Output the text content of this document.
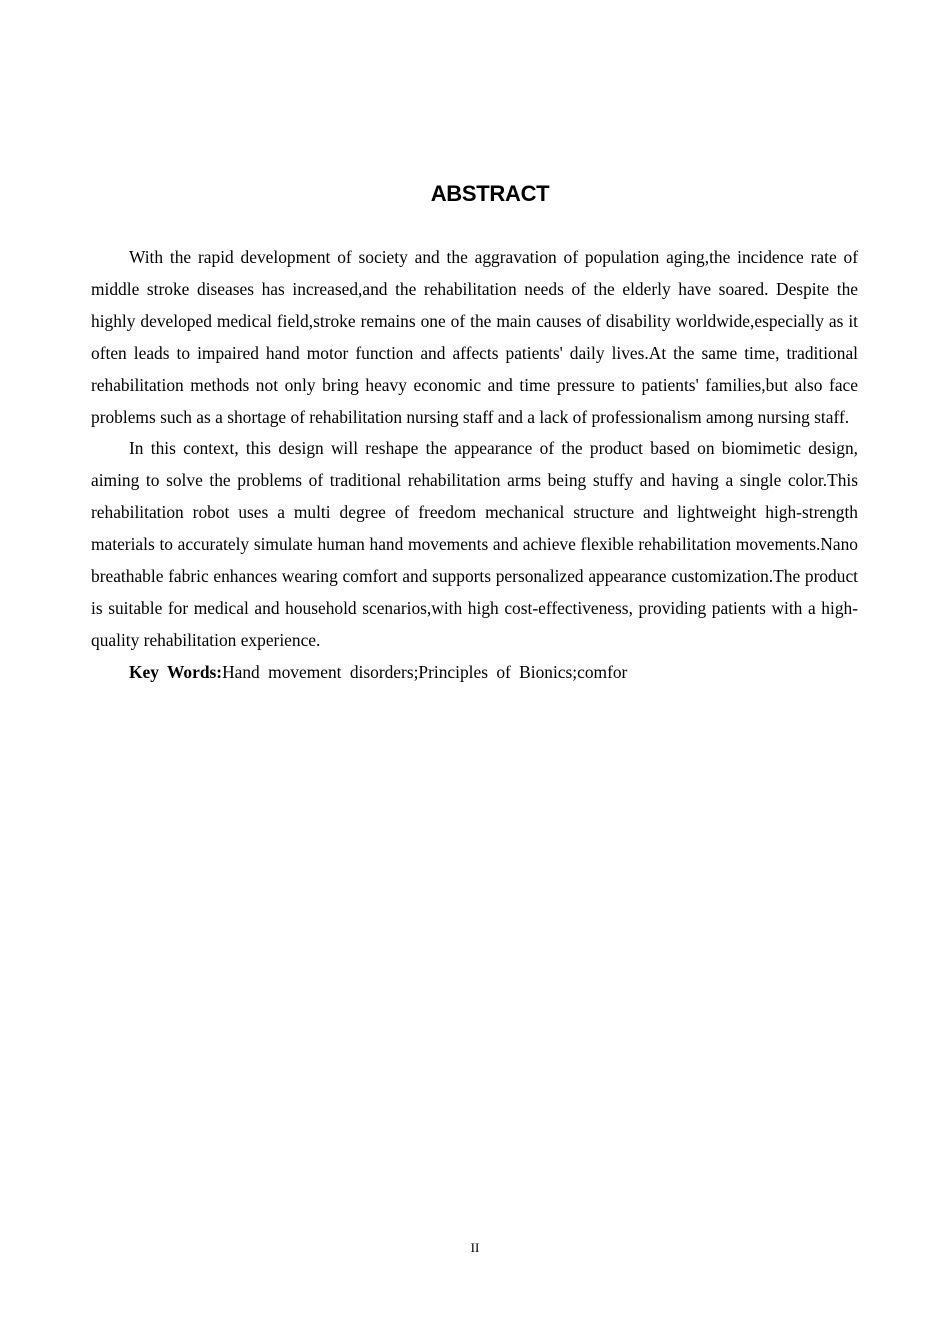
ABSTRACT

With the rapid development of society and the aggravation of population aging,the incidence rate of middle stroke diseases has increased,and the rehabilitation needs of the elderly have soared. Despite the highly developed medical field,stroke remains one of the main causes of disability worldwide,especially as it often leads to impaired hand motor function and affects patients' daily lives.At the same time, traditional rehabilitation methods not only bring heavy economic and time pressure to patients' families,but also face problems such as a shortage of rehabilitation nursing staff and a lack of professionalism among nursing staff.

In this context, this design will reshape the appearance of the product based on biomimetic design, aiming to solve the problems of traditional rehabilitation arms being stuffy and having a single color.This rehabilitation robot uses a multi degree of freedom mechanical structure and lightweight high-strength materials to accurately simulate human hand movements and achieve flexible rehabilitation movements.Nano breathable fabric enhances wearing comfort and supports personalized appearance customization.The product is suitable for medical and household scenarios,with high cost-effectiveness, providing patients with a high-quality rehabilitation experience.

Key Words:Hand movement disorders;Principles of Bionics;comfor

II
